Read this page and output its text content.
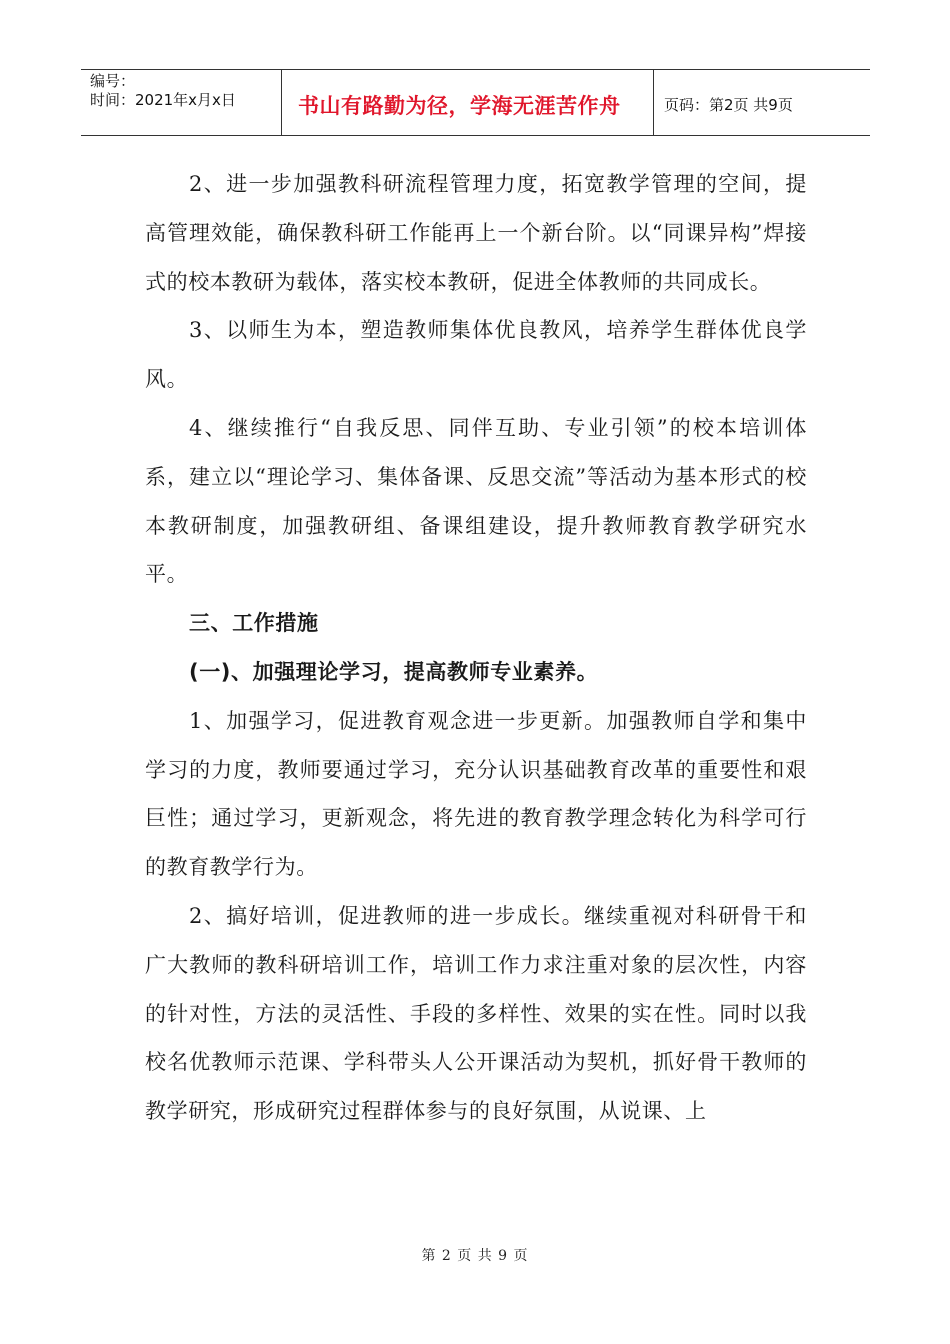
编号：
时间：2021年x月x日	书山有路勤为径，学海无涯苦作舟	页码：第2页 共9页

2、进一步加强教科研流程管理力度，拓宽教学管理的空间，提高管理效能，确保教科研工作能再上一个新台阶。以“同课异构”焊接式的校本教研为载体，落实校本教研，促进全体教师的共同成长。

3、以师生为本，塑造教师集体优良教风，培养学生群体优良学风。

4、继续推行“自我反思、同伴互助、专业引领”的校本培训体系，建立以“理论学习、集体备课、反思交流”等活动为基本形式的校本教研制度，加强教研组、备课组建设，提升教师教育教学研究水平。

三、工作措施

(一)、加强理论学习，提高教师专业素养。

1、加强学习，促进教育观念进一步更新。加强教师自学和集中学习的力度，教师要通过学习，充分认识基础教育改革的重要性和艰巨性；通过学习，更新观念，将先进的教育教学理念转化为科学可行的教育教学行为。

2、搞好培训，促进教师的进一步成长。继续重视对科研骨干和广大教师的教科研培训工作，培训工作力求注重对象的层次性，内容的针对性，方法的灵活性、手段的多样性、效果的实在性。同时以我校名优教师示范课、学科带头人公开课活动为契机，抓好骨干教师的教学研究，形成研究过程群体参与的良好氛围，从说课、上

第 2 页 共 9 页
